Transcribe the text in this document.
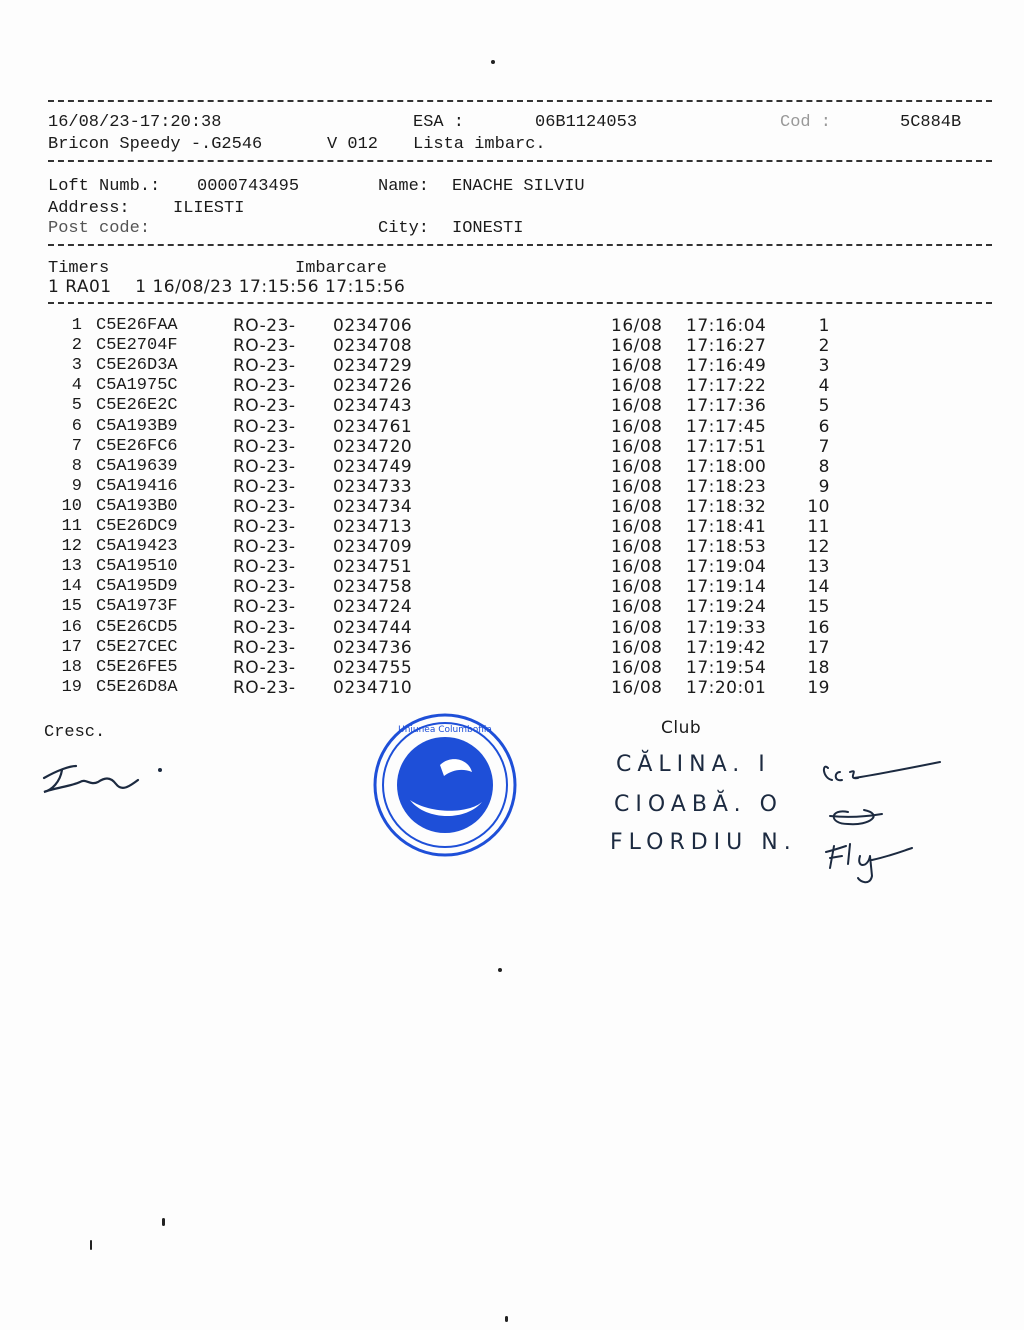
16/08/23-17:20:38	ESA :	06B1124053	Cod :	5C884B
Bricon Speedy -.G2546	V 012 Lista imbarc.
Loft Numb.: 0000743495	Name: ENACHE SILVIU
Address:	ILIESTI
Post code:	City: IONESTI
Timers	Imbarcare
1 RA01    1 16/08/23 17:15:56 17:15:56
1 C5E26FAA	RO-23- 0234706	16/08 17:16:04	1
2 C5E2704F	RO-23- 0234708	16/08 17:16:27	2
3 C5E26D3A	RO-23- 0234729	16/08 17:16:49	3
4 C5A1975C	RO-23- 0234726	16/08 17:17:22	4
5 C5E26E2C	RO-23- 0234743	16/08 17:17:36	5
6 C5A193B9	RO-23- 0234761	16/08 17:17:45	6
7 C5E26FC6	RO-23- 0234720	16/08 17:17:51	7
8 C5A19639	RO-23- 0234749	16/08 17:18:00	8
9 C5A19416	RO-23- 0234733	16/08 17:18:23	9
10 C5A193B0	RO-23- 0234734	16/08 17:18:32	10
11 C5E26DC9	RO-23- 0234713	16/08 17:18:41	11
12 C5A19423	RO-23- 0234709	16/08 17:18:53	12
13 C5A19510	RO-23- 0234751	16/08 17:19:04	13
14 C5A195D9	RO-23- 0234758	16/08 17:19:14	14
15 C5A1973F	RO-23- 0234724	16/08 17:19:24	15
16 C5E26CD5	RO-23- 0234744	16/08 17:19:33	16
17 C5E27CEC	RO-23- 0234736	16/08 17:19:42	17
18 C5E26FE5	RO-23- 0234755	16/08 17:19:54	18
19 C5E26D8A	RO-23- 0234710	16/08 17:20:01	19
Cresc.	Club
Uniunea Columbofila
CĂLINA. I
CIOABĂ. O
FLORDIU N.
